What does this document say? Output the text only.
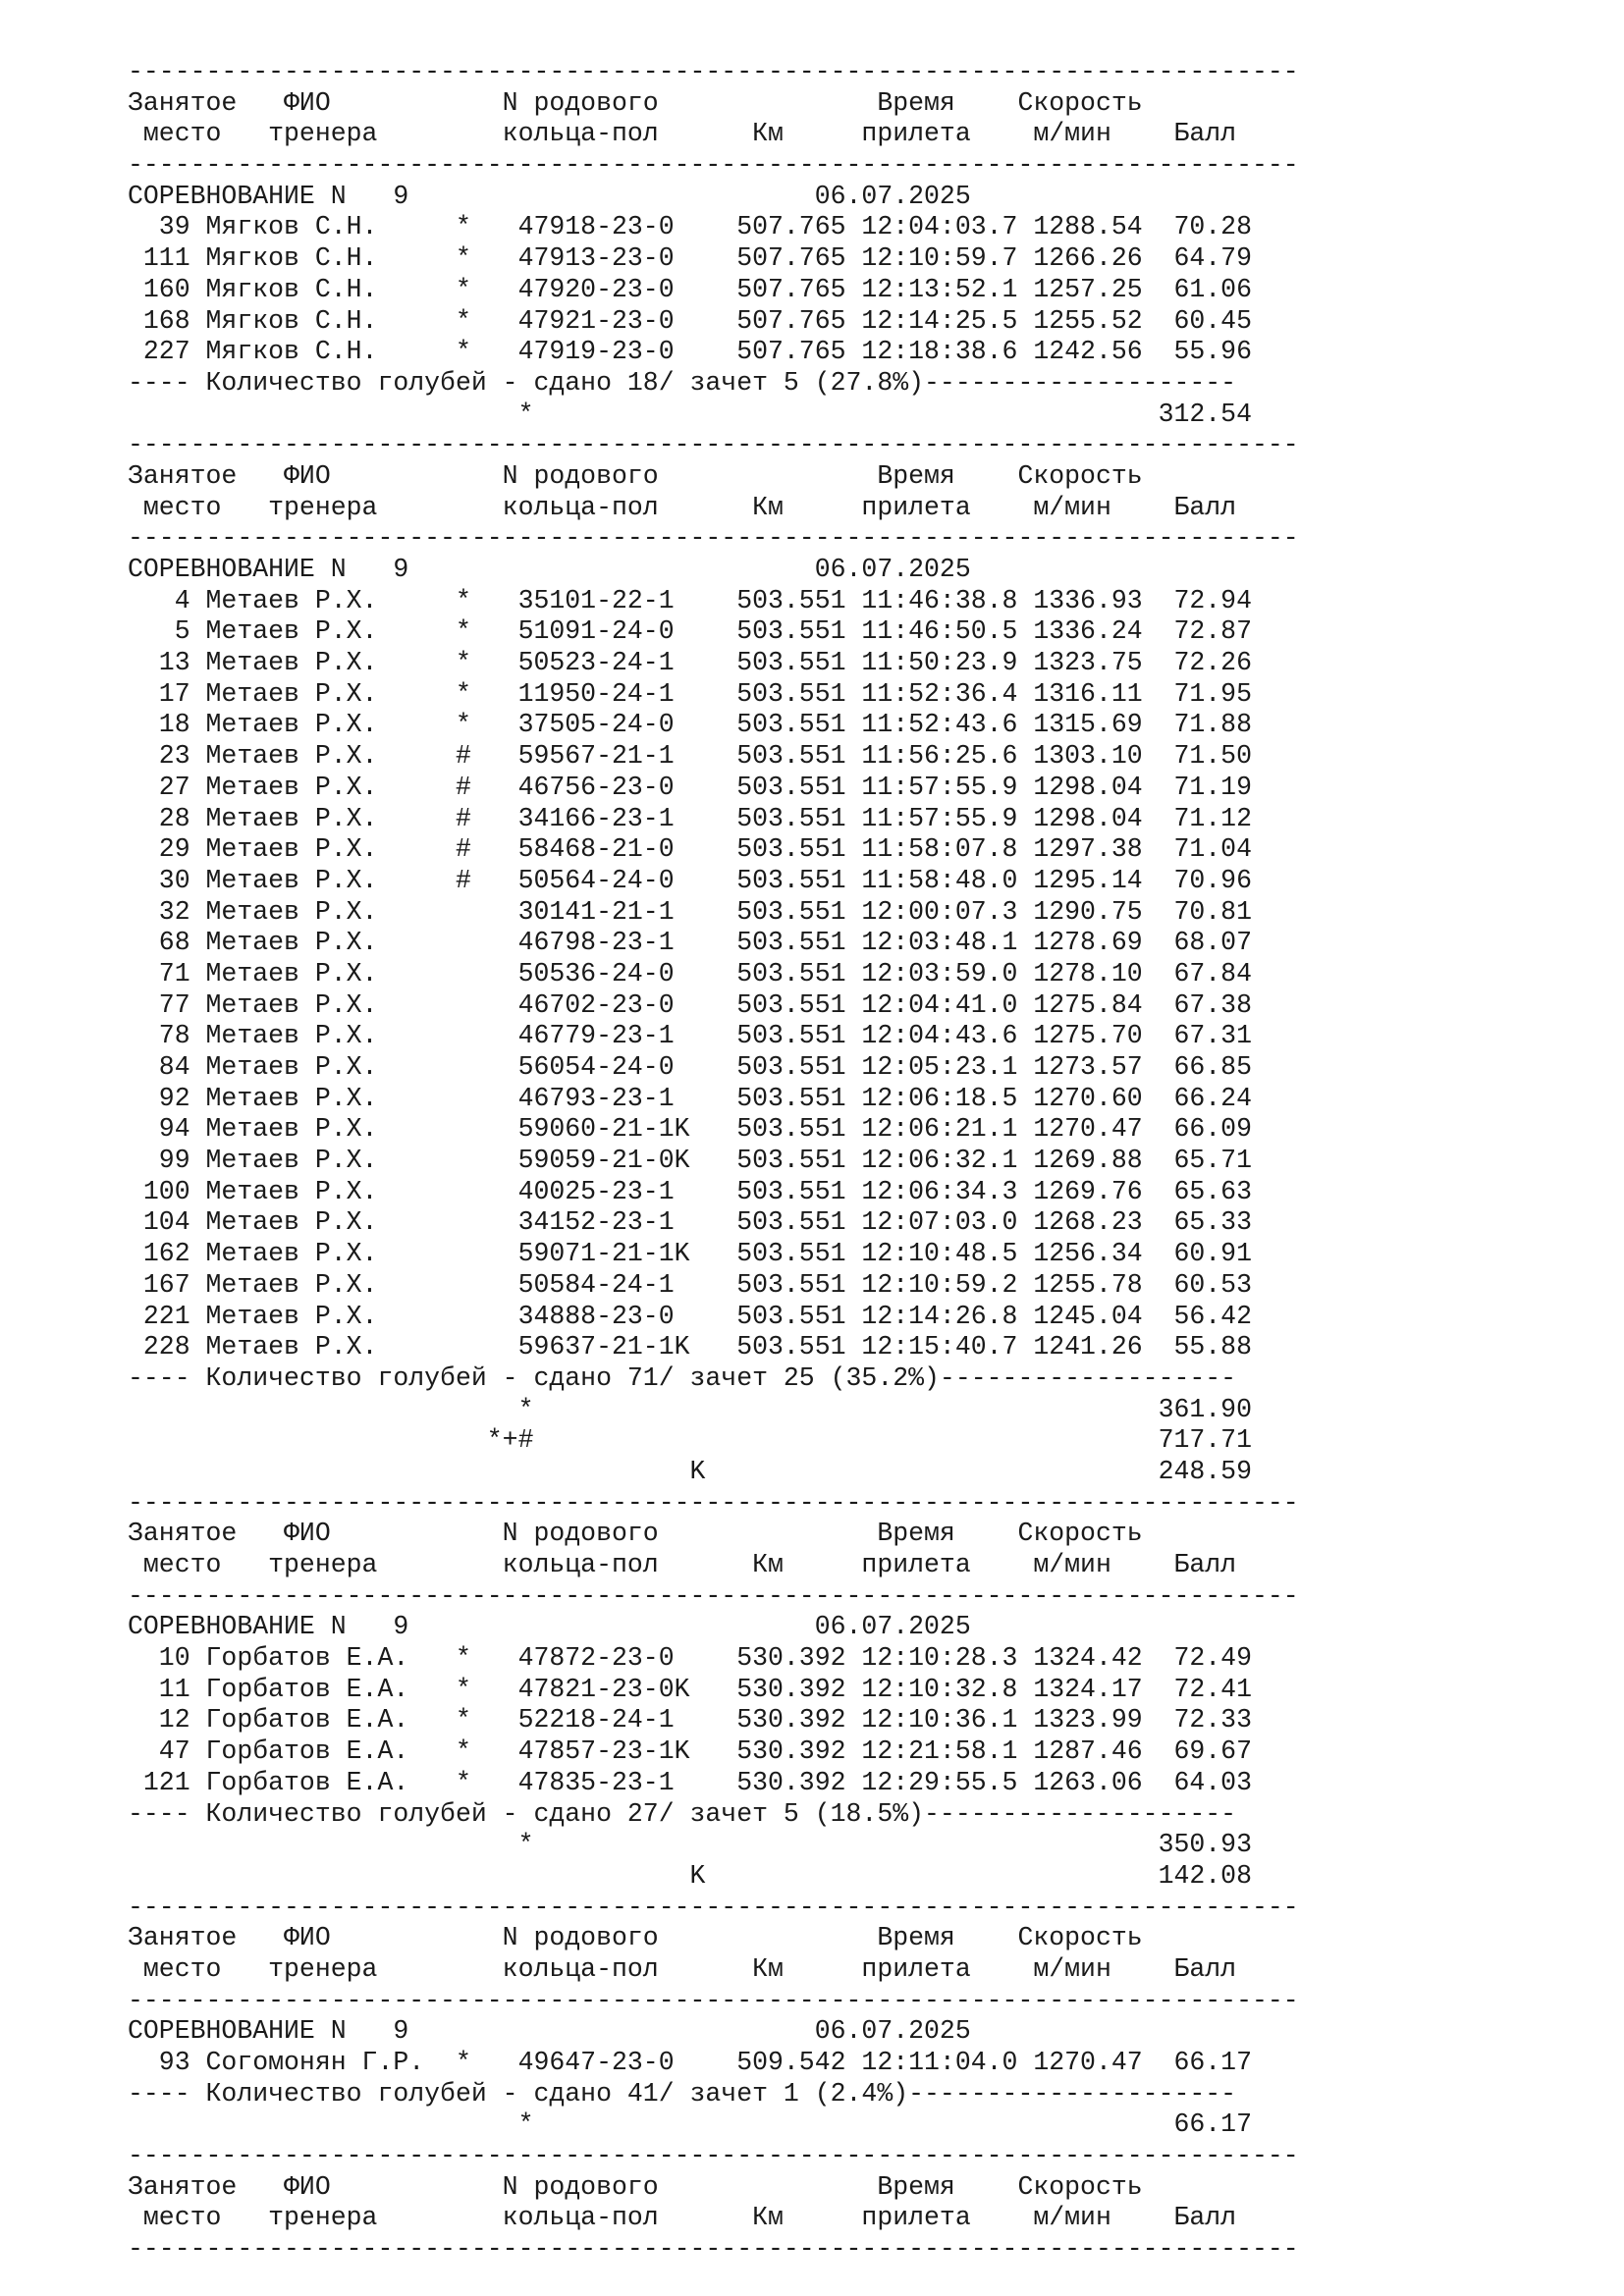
---------------------------------------------------------------------------
Занятое   ФИО           N родового              Время    Скорость
место   тренера        кольца-пол      Км     прилета    м/мин    Балл
---------------------------------------------------------------------------
СОРЕВНОВАНИЕ N   9                          06.07.2025
39 Мягков С.Н.     *   47918-23-0    507.765 12:04:03.7 1288.54  70.28
111 Мягков С.Н.     *   47913-23-0    507.765 12:10:59.7 1266.26  64.79
160 Мягков С.Н.     *   47920-23-0    507.765 12:13:52.1 1257.25  61.06
168 Мягков С.Н.     *   47921-23-0    507.765 12:14:25.5 1255.52  60.45
227 Мягков С.Н.     *   47919-23-0    507.765 12:18:38.6 1242.56  55.96
---- Количество голубей - сдано 18/ зачет 5 (27.8%)--------------------
*                                        312.54
---------------------------------------------------------------------------
Занятое   ФИО           N родового              Время    Скорость
место   тренера        кольца-пол      Км     прилета    м/мин    Балл
---------------------------------------------------------------------------
СОРЕВНОВАНИЕ N   9                          06.07.2025
4 Метаев Р.Х.     *   35101-22-1    503.551 11:46:38.8 1336.93  72.94
5 Метаев Р.Х.     *   51091-24-0    503.551 11:46:50.5 1336.24  72.87
13 Метаев Р.Х.     *   50523-24-1    503.551 11:50:23.9 1323.75  72.26
17 Метаев Р.Х.     *   11950-24-1    503.551 11:52:36.4 1316.11  71.95
18 Метаев Р.Х.     *   37505-24-0    503.551 11:52:43.6 1315.69  71.88
23 Метаев Р.Х.     #   59567-21-1    503.551 11:56:25.6 1303.10  71.50
27 Метаев Р.Х.     #   46756-23-0    503.551 11:57:55.9 1298.04  71.19
28 Метаев Р.Х.     #   34166-23-1    503.551 11:57:55.9 1298.04  71.12
29 Метаев Р.Х.     #   58468-21-0    503.551 11:58:07.8 1297.38  71.04
30 Метаев Р.Х.     #   50564-24-0    503.551 11:58:48.0 1295.14  70.96
32 Метаев Р.Х.         30141-21-1    503.551 12:00:07.3 1290.75  70.81
68 Метаев Р.Х.         46798-23-1    503.551 12:03:48.1 1278.69  68.07
71 Метаев Р.Х.         50536-24-0    503.551 12:03:59.0 1278.10  67.84
77 Метаев Р.Х.         46702-23-0    503.551 12:04:41.0 1275.84  67.38
78 Метаев Р.Х.         46779-23-1    503.551 12:04:43.6 1275.70  67.31
84 Метаев Р.Х.         56054-24-0    503.551 12:05:23.1 1273.57  66.85
92 Метаев Р.Х.         46793-23-1    503.551 12:06:18.5 1270.60  66.24
94 Метаев Р.Х.         59060-21-1K   503.551 12:06:21.1 1270.47  66.09
99 Метаев Р.Х.         59059-21-0K   503.551 12:06:32.1 1269.88  65.71
100 Метаев Р.Х.         40025-23-1    503.551 12:06:34.3 1269.76  65.63
104 Метаев Р.Х.         34152-23-1    503.551 12:07:03.0 1268.23  65.33
162 Метаев Р.Х.         59071-21-1K   503.551 12:10:48.5 1256.34  60.91
167 Метаев Р.Х.         50584-24-1    503.551 12:10:59.2 1255.78  60.53
221 Метаев Р.Х.         34888-23-0    503.551 12:14:26.8 1245.04  56.42
228 Метаев Р.Х.         59637-21-1K   503.551 12:15:40.7 1241.26  55.88
---- Количество голубей - сдано 71/ зачет 25 (35.2%)-------------------
*                                        361.90
*+#                                        717.71
K                             248.59
---------------------------------------------------------------------------
Занятое   ФИО           N родового              Время    Скорость
место   тренера        кольца-пол      Км     прилета    м/мин    Балл
---------------------------------------------------------------------------
СОРЕВНОВАНИЕ N   9                          06.07.2025
10 Горбатов Е.А.   *   47872-23-0    530.392 12:10:28.3 1324.42  72.49
11 Горбатов Е.А.   *   47821-23-0K   530.392 12:10:32.8 1324.17  72.41
12 Горбатов Е.А.   *   52218-24-1    530.392 12:10:36.1 1323.99  72.33
47 Горбатов Е.А.   *   47857-23-1K   530.392 12:21:58.1 1287.46  69.67
121 Горбатов Е.А.   *   47835-23-1    530.392 12:29:55.5 1263.06  64.03
---- Количество голубей - сдано 27/ зачет 5 (18.5%)--------------------
*                                        350.93
K                             142.08
---------------------------------------------------------------------------
Занятое   ФИО           N родового              Время    Скорость
место   тренера        кольца-пол      Км     прилета    м/мин    Балл
---------------------------------------------------------------------------
СОРЕВНОВАНИЕ N   9                          06.07.2025
93 Согомонян Г.Р.  *   49647-23-0    509.542 12:11:04.0 1270.47  66.17
---- Количество голубей - сдано 41/ зачет 1 (2.4%)---------------------
*                                         66.17
---------------------------------------------------------------------------
Занятое   ФИО           N родового              Время    Скорость
место   тренера        кольца-пол      Км     прилета    м/мин    Балл
---------------------------------------------------------------------------
